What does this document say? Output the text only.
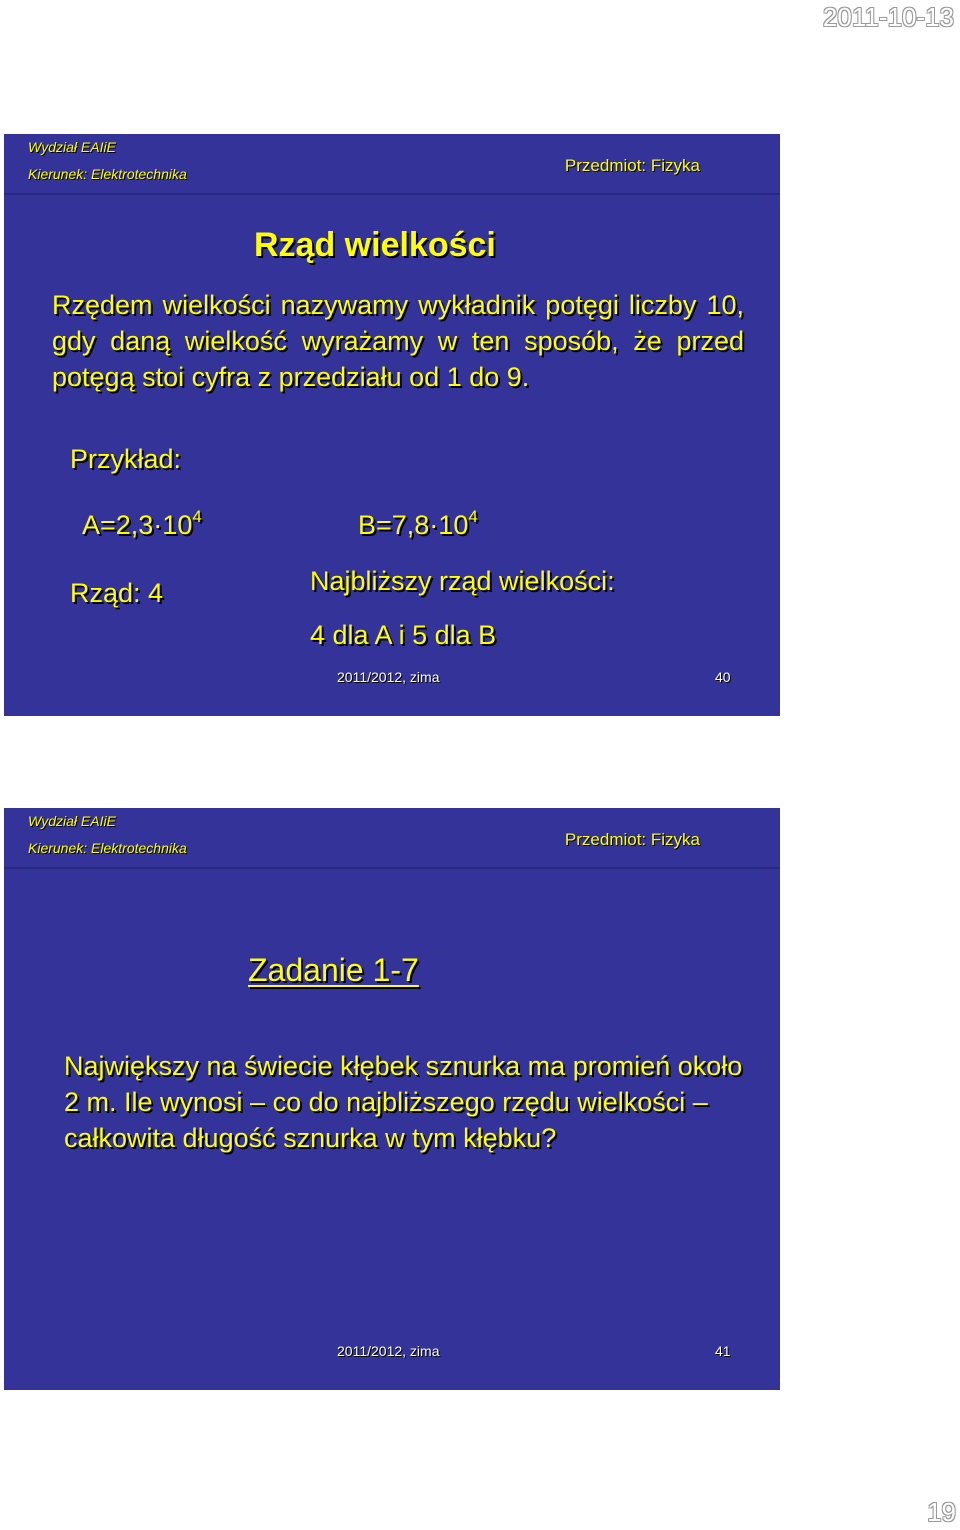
2011-10-13
Wydział EAIiE
Kierunek: Elektrotechnika	Przedmiot: Fizyka
Rząd wielkości
Rzędem wielkości nazywamy wykładnik potęgi liczby 10, gdy daną wielkość wyrażamy w ten sposób, że przed potęgą stoi cyfra z przedziału od 1 do 9.
Przykład:
$A=2,3\cdot 10^4$	$B=7,8\cdot 10^4$
Rząd: 4	Najbliższy rząd wielkości:
4 dla A i 5 dla B
2011/2012, zima	40
Wydział EAIiE
Kierunek: Elektrotechnika	Przedmiot: Fizyka
Zadanie 1-7
Największy na świecie kłębek sznurka ma promień około 2 m. Ile wynosi – co do najbliższego rzędu wielkości – całkowita długość sznurka w tym kłębku?
2011/2012, zima	41
19
